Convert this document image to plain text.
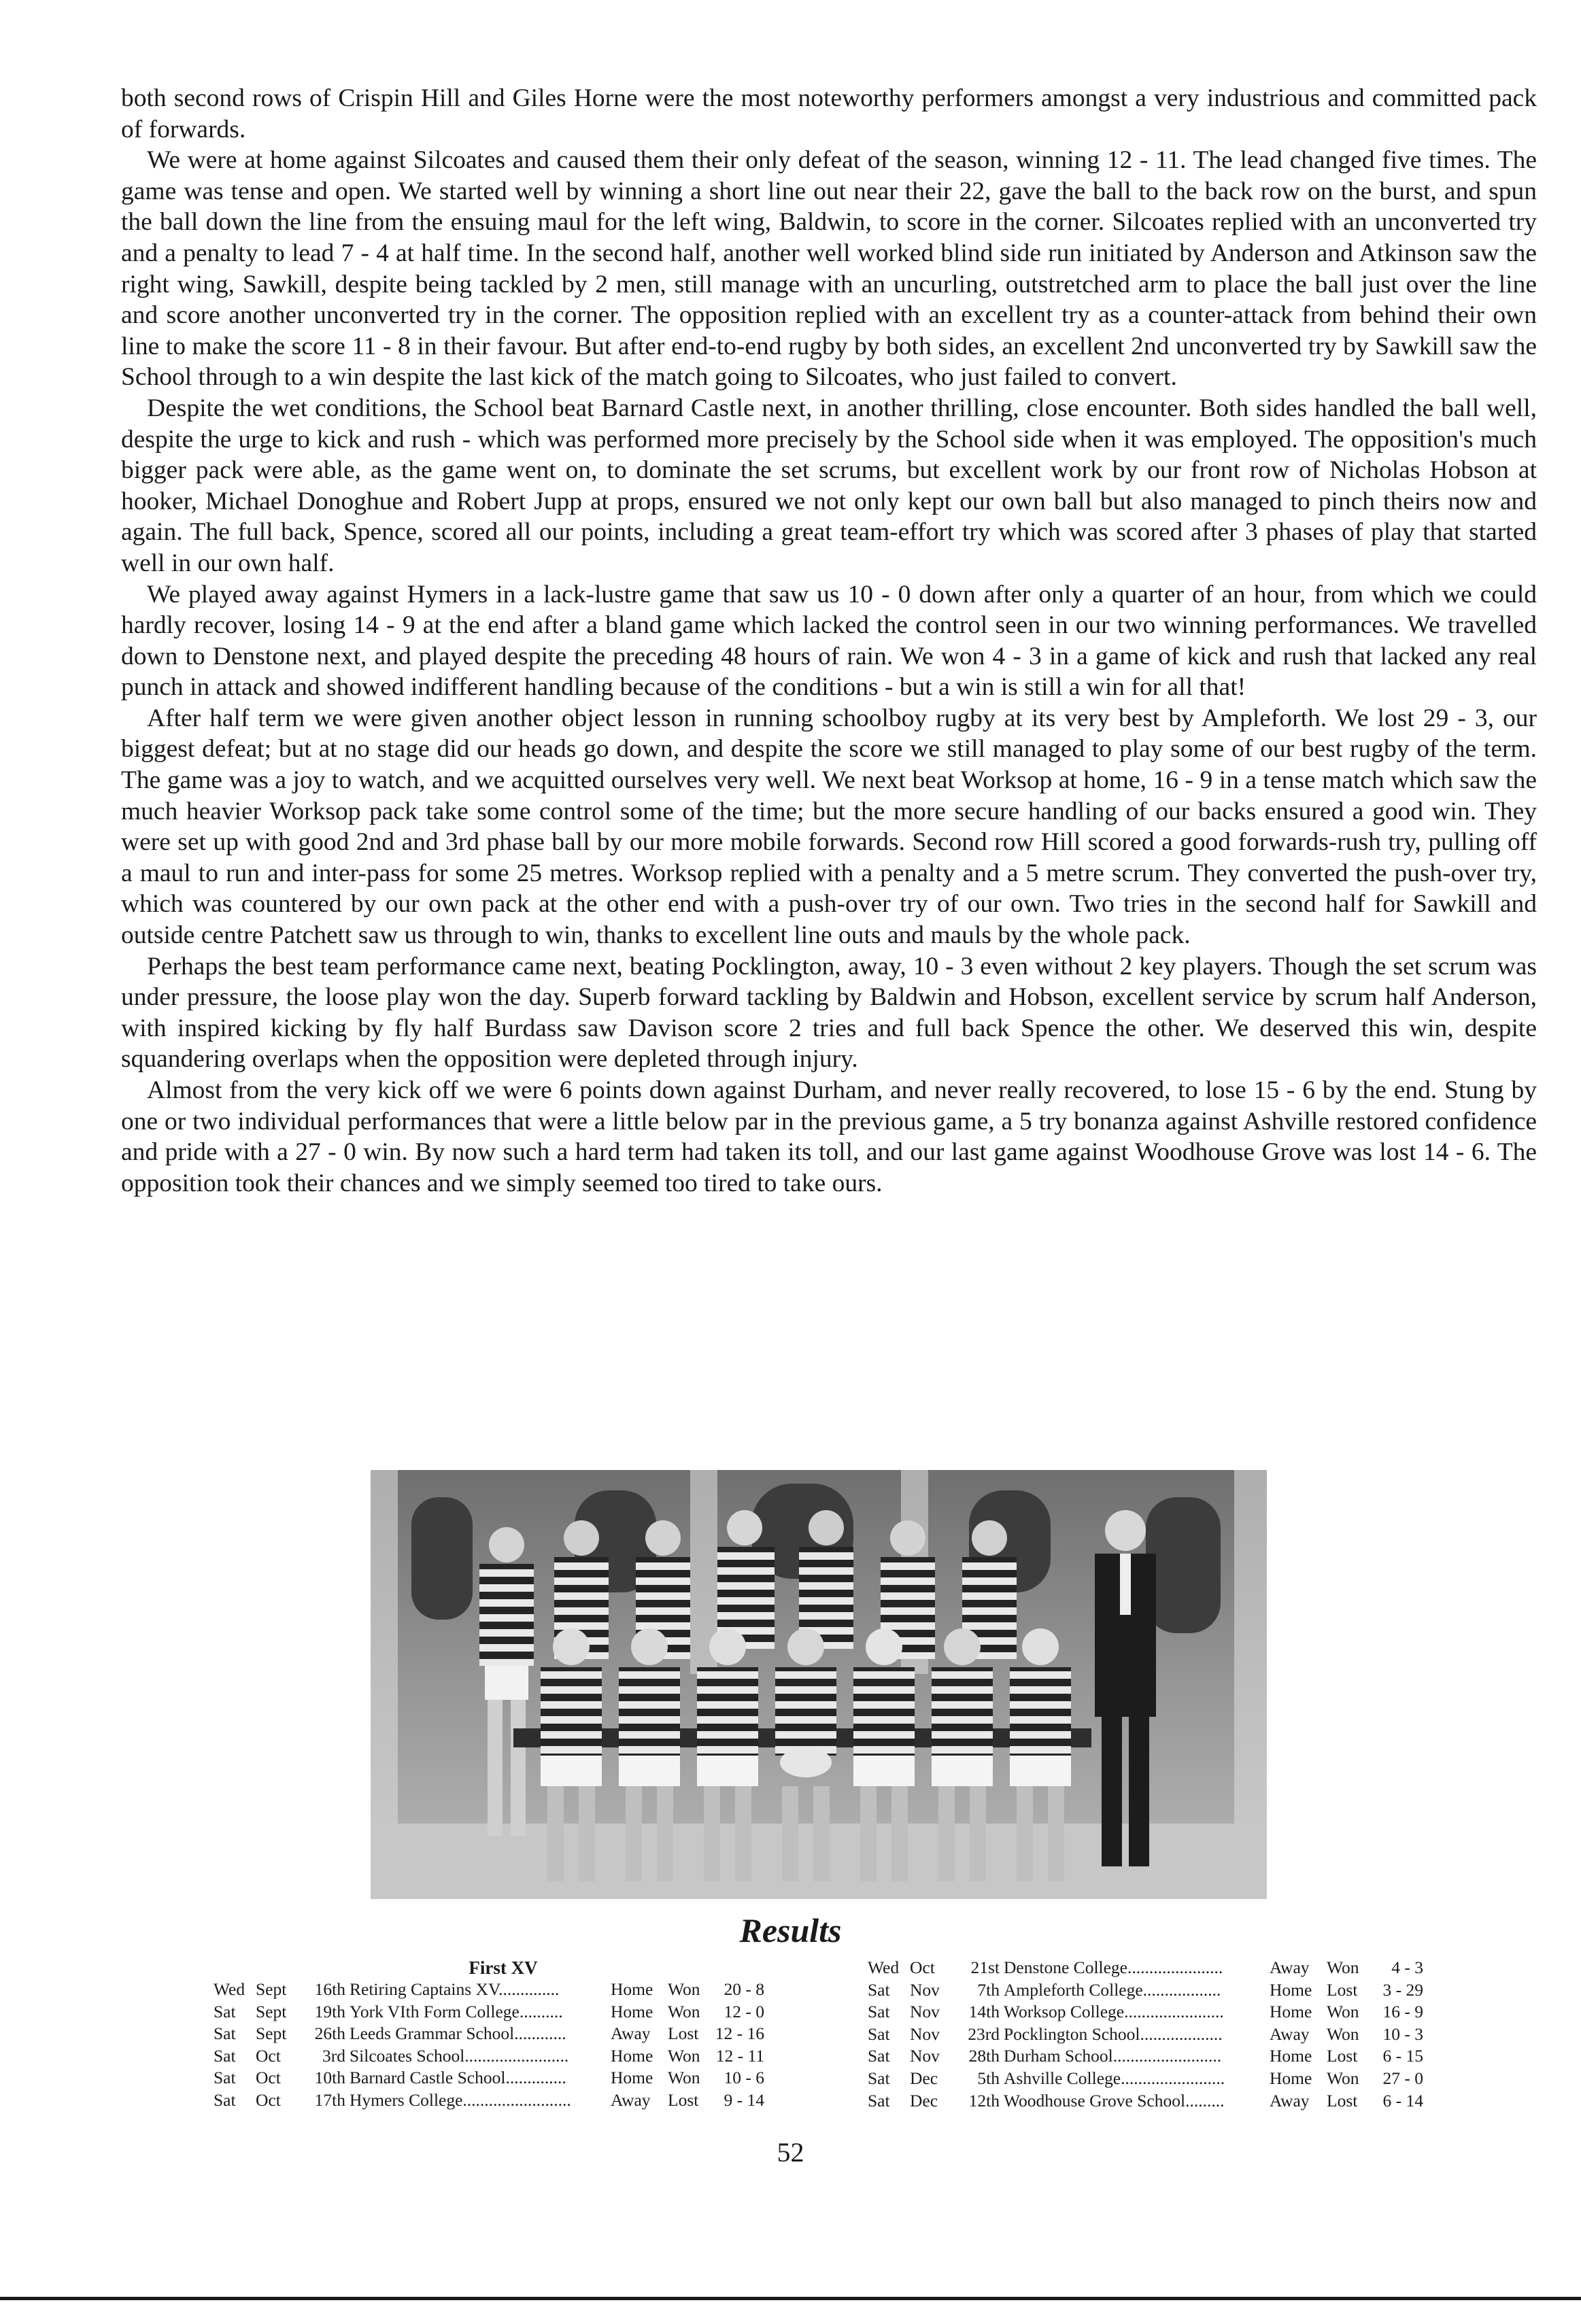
both second rows of Crispin Hill and Giles Horne were the most noteworthy performers amongst a very industrious and committed pack of forwards.

We were at home against Silcoates and caused them their only defeat of the season, winning 12 - 11. The lead changed five times. The game was tense and open. We started well by winning a short line out near their 22, gave the ball to the back row on the burst, and spun the ball down the line from the ensuing maul for the left wing, Baldwin, to score in the corner. Silcoates replied with an unconverted try and a penalty to lead 7 - 4 at half time. In the second half, another well worked blind side run initiated by Anderson and Atkinson saw the right wing, Sawkill, despite being tackled by 2 men, still manage with an uncurling, outstretched arm to place the ball just over the line and score another unconverted try in the corner. The opposition replied with an excellent try as a counter-attack from behind their own line to make the score 11 - 8 in their favour. But after end-to-end rugby by both sides, an excellent 2nd unconverted try by Sawkill saw the School through to a win despite the last kick of the match going to Silcoates, who just failed to convert.

Despite the wet conditions, the School beat Barnard Castle next, in another thrilling, close encounter. Both sides handled the ball well, despite the urge to kick and rush - which was performed more precisely by the School side when it was employed. The opposition's much bigger pack were able, as the game went on, to dominate the set scrums, but excellent work by our front row of Nicholas Hobson at hooker, Michael Donoghue and Robert Jupp at props, ensured we not only kept our own ball but also managed to pinch theirs now and again. The full back, Spence, scored all our points, including a great team-effort try which was scored after 3 phases of play that started well in our own half.

We played away against Hymers in a lack-lustre game that saw us 10 - 0 down after only a quarter of an hour, from which we could hardly recover, losing 14 - 9 at the end after a bland game which lacked the control seen in our two winning performances. We travelled down to Denstone next, and played despite the preceding 48 hours of rain. We won 4 - 3 in a game of kick and rush that lacked any real punch in attack and showed indifferent handling because of the conditions - but a win is still a win for all that!

After half term we were given another object lesson in running schoolboy rugby at its very best by Ampleforth. We lost 29 - 3, our biggest defeat; but at no stage did our heads go down, and despite the score we still managed to play some of our best rugby of the term. The game was a joy to watch, and we acquitted ourselves very well. We next beat Worksop at home, 16 - 9 in a tense match which saw the much heavier Worksop pack take some control some of the time; but the more secure handling of our backs ensured a good win. They were set up with good 2nd and 3rd phase ball by our more mobile forwards. Second row Hill scored a good forwards-rush try, pulling off a maul to run and inter-pass for some 25 metres. Worksop replied with a penalty and a 5 metre scrum. They converted the push-over try, which was countered by our own pack at the other end with a push-over try of our own. Two tries in the second half for Sawkill and outside centre Patchett saw us through to win, thanks to excellent line outs and mauls by the whole pack.

Perhaps the best team performance came next, beating Pocklington, away, 10 - 3 even without 2 key players. Though the set scrum was under pressure, the loose play won the day. Superb forward tackling by Baldwin and Hobson, excellent service by scrum half Anderson, with inspired kicking by fly half Burdass saw Davison score 2 tries and full back Spence the other. We deserved this win, despite squandering overlaps when the opposition were depleted through injury.

Almost from the very kick off we were 6 points down against Durham, and never really recovered, to lose 15 - 6 by the end. Stung by one or two individual performances that were a little below par in the previous game, a 5 try bonanza against Ashville restored confidence and pride with a 27 - 0 win. By now such a hard term had taken its toll, and our last game against Woodhouse Grove was lost 14 - 6. The opposition took their chances and we simply seemed too tired to take ours.

Results
First XV
Wed	Sept	16th	Retiring Captains XV..............	Home	Won	20 - 8
Sat	Sept	19th	York VIth Form College..........	Home	Won	12 - 0
Sat	Sept	26th	Leeds Grammar School............	Away	Lost	12 - 16
Sat	Oct	3rd	Silcoates School........................	Home	Won	12 - 11
Sat	Oct	10th	Barnard Castle School..............	Home	Won	10 - 6
Sat	Oct	17th	Hymers College.........................	Away	Lost	9 - 14
Wed	Oct	21st	Denstone College......................	Away	Won	4 - 3
Sat	Nov	7th	Ampleforth College..................	Home	Lost	3 - 29
Sat	Nov	14th	Worksop College.......................	Home	Won	16 - 9
Sat	Nov	23rd	Pocklington School...................	Away	Won	10 - 3
Sat	Nov	28th	Durham School.........................	Home	Lost	6 - 15
Sat	Dec	5th	Ashville College........................	Home	Won	27 - 0
Sat	Dec	12th	Woodhouse Grove School.........	Away	Lost	6 - 14
52
